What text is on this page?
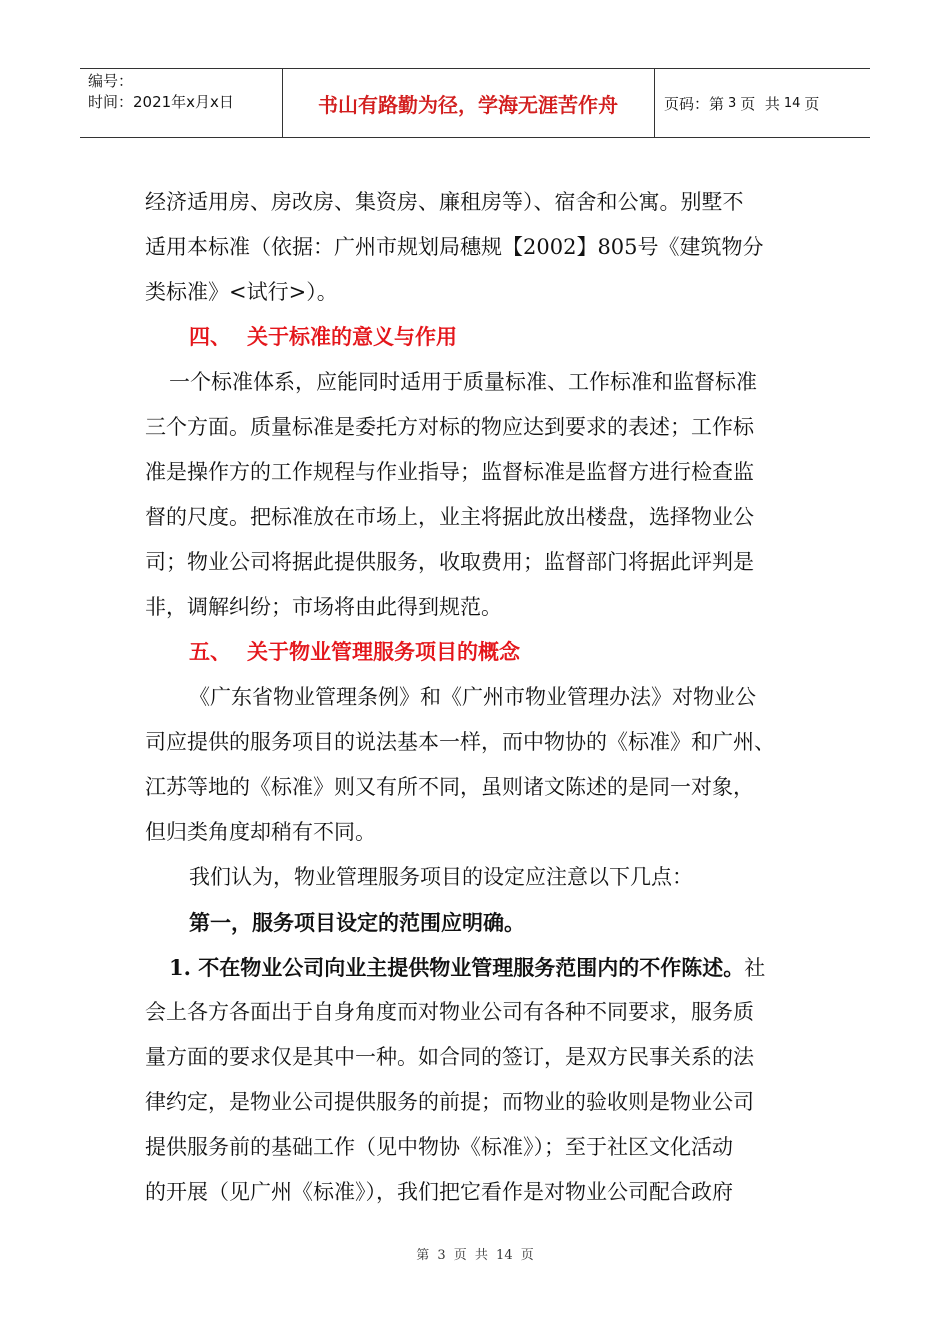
编号：
时间：2021年x月x日	书山有路勤为径，学海无涯苦作舟	页码：第 3 页  共 14 页
经济适用房、房改房、集资房、廉租房等）、宿舍和公寓。别墅不
适用本标准（依据：广州市规划局穗规【2002】805号《建筑物分
类标准》<试行>）。
四、 关于标准的意义与作用
一个标准体系，应能同时适用于质量标准、工作标准和监督标准
三个方面。质量标准是委托方对标的物应达到要求的表述；工作标
准是操作方的工作规程与作业指导；监督标准是监督方进行检查监
督的尺度。把标准放在市场上，业主将据此放出楼盘，选择物业公
司；物业公司将据此提供服务，收取费用；监督部门将据此评判是
非，调解纠纷；市场将由此得到规范。
五、 关于物业管理服务项目的概念
《广东省物业管理条例》和《广州市物业管理办法》对物业公
司应提供的服务项目的说法基本一样，而中物协的《标准》和广州、
江苏等地的《标准》则又有所不同，虽则诸文陈述的是同一对象，
但归类角度却稍有不同。
我们认为，物业管理服务项目的设定应注意以下几点：
第一，服务项目设定的范围应明确。
1. 不在物业公司向业主提供物业管理服务范围内的不作陈述。社
会上各方各面出于自身角度而对物业公司有各种不同要求，服务质
量方面的要求仅是其中一种。如合同的签订，是双方民事关系的法
律约定，是物业公司提供服务的前提；而物业的验收则是物业公司
提供服务前的基础工作（见中物协《标准》）；至于社区文化活动
的开展（见广州《标准》），我们把它看作是对物业公司配合政府
第 3 页 共 14 页
